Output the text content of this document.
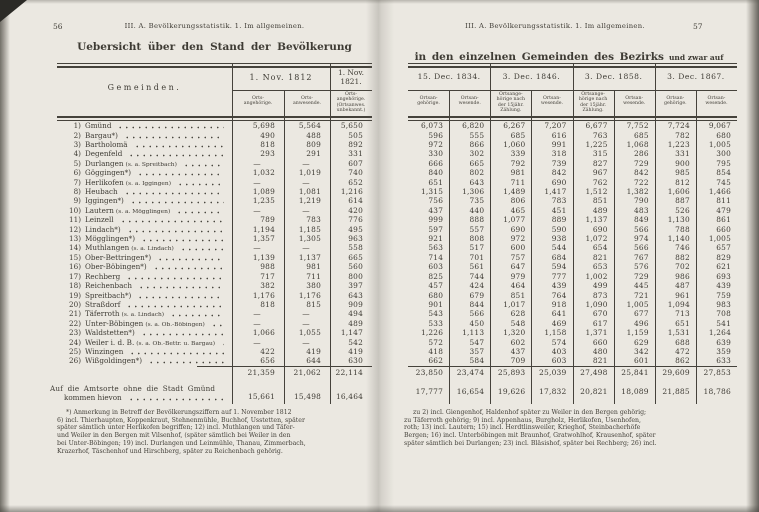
56	III. A. Bevölkerungsstatistik. 1. Im allgemeinen.
Uebersicht über den Stand der Bevölkerung
Gemeinden.
1. Nov. 1812
1. Nov.
1821.
Orts-
angehörige.
Orts-
anwesende.
Orts-
angehörige.
(Ortsanwes.
unbekannt.)
1) Gmünd	5,698	5,564	5,650
2) Bargau*)	490	488	505
3) Bartholomä	818	809	892
4) Degenfeld	293	291	331
5) Durlangen (s. a. Spreitbach)	—	—	607
6) Göggingen*)	1,032	1,019	740
7) Herlikofen (s. a. Iggingen)	—	—	652
8) Heubach	1,089	1,081	1,216
9) Iggingen*)	1,235	1,219	614
10) Lautern (s. a. Mögglingen)	—	—	420
11) Leinzell	789	783	776
12) Lindach*)	1,194	1,185	495
13) Mögglingen*)	1,357	1,305	963
14) Muthlangen (s. a. Lindach)	—	—	558
15) Ober-Bettringen*)	1,139	1,137	665
16) Ober-Böbingen*)	988	981	560
17) Rechberg	717	711	800
18) Reichenbach	382	380	397
19) Spreitbach*)	1,176	1,176	643
20) Straßdorf	818	815	909
21) Täferroth (s. a. Lindach)	—	—	494
22) Unter-Böbingen (s. a. Ob.-Böbingen)	—	—	489
23) Waldstetten*)	1,066	1,055	1,147
24) Weiler i. d. B. (s. a. Ob.-Bettr. u. Bargau)	—	—	542
25) Winzingen	422	419	419
26) Wißgoldingen*)	656	644	630
21,359	21,062	22,114
Auf die Amtsorte ohne die Stadt Gmünd
kommen hievon	15,661	15,498	16,464
*) Anmerkung in Betreff der Bevölkerungsziffern auf 1. November 1812
6) incl. Thierhaupten, Koppenkraut, Stehnenmühle, Buchhof, Usstetten, später
später sämtlich unter Herlikofen begriffen; 12) incl. Muthlangen und Täfer-
und Weiler in den Bergen mit Vilsenhof, (später sämtlich bei Weiler in den
bei Unter-Böbingen; 19) incl. Durlangen und Leinmühle, Thanau, Zimmerbach,
Krazerhof, Täschenhof und Hirschberg, später zu Reichenbach gehörig.
57
III. A. Bevölkerungsstatistik. 1. Im allgemeinen.
in den einzelnen Gemeinden des Bezirks und zwar auf
15. Dec. 1834.
Ortsan-
gehörige.
Ortsan-
wesende.
3. Dec. 1846.
Ortsange-
hörige nach
der 15jähr.
Zählung.
Ortsan-
wesende.
3. Dec. 1858.
Ortsange-
hörige nach
der 15jähr.
Zählung.
Ortsan-
wesende.
3. Dec. 1867.
Ortsan-
gehörige.
Ortsan-
wesende.
6,073	6,820	6,267	7,207	6,677	7,752	7,724	9,067
596	555	685	616	763	685	782	680
972	866	1,060	991	1,225	1,068	1,223	1,005
330	302	339	318	315	286	331	300
666	665	792	739	827	729	900	795
840	802	981	842	967	842	985	854
651	643	711	690	762	722	812	745
1,315	1,306	1,489	1,417	1,512	1,382	1,606	1,466
756	735	806	783	851	790	887	811
437	440	465	451	489	483	526	479
999	888	1,077	889	1,137	849	1,130	861
597	557	690	590	690	566	788	660
921	808	972	938	1,072	974	1,140	1,005
563	517	600	544	654	566	746	657
714	701	757	684	821	767	882	829
603	561	647	594	653	576	702	621
825	744	979	777	1,002	729	986	693
457	424	464	439	499	445	487	439
680	679	851	764	873	721	961	759
901	844	1,017	918	1,090	1,005	1,094	983
543	566	628	641	670	677	713	708
533	450	548	469	617	496	651	541
1,226	1,113	1,320	1,158	1,371	1,159	1,531	1,264
572	547	602	574	660	629	688	639
418	357	437	403	480	342	472	359
662	584	709	603	821	601	862	633
23,850	23,474	25,893	25,039	27,498	25,841	29,609	27,853
17,777	16,654	19,626	17,832	20,821	18,089	21,885	18,786
zu 2) incl. Giengenhof, Haldenhof später zu Weiler in den Bergen gehörig;
zu Täferroth gehörig; 9) incl. Appenhaus, Burgholz, Herlikofen, Usenhofen,
roth; 13) incl. Lautern; 15) incl. Herdtlinsweiler, Krieghof, Steinbacherhöfe
Bergen; 16) incl. Unterböbingen mit Braunhof, Gratwohlhof, Krausenhof, später
später sämtlich bei Durlangen; 23) incl. Bläsishof, später bei Rechberg; 26) incl.
